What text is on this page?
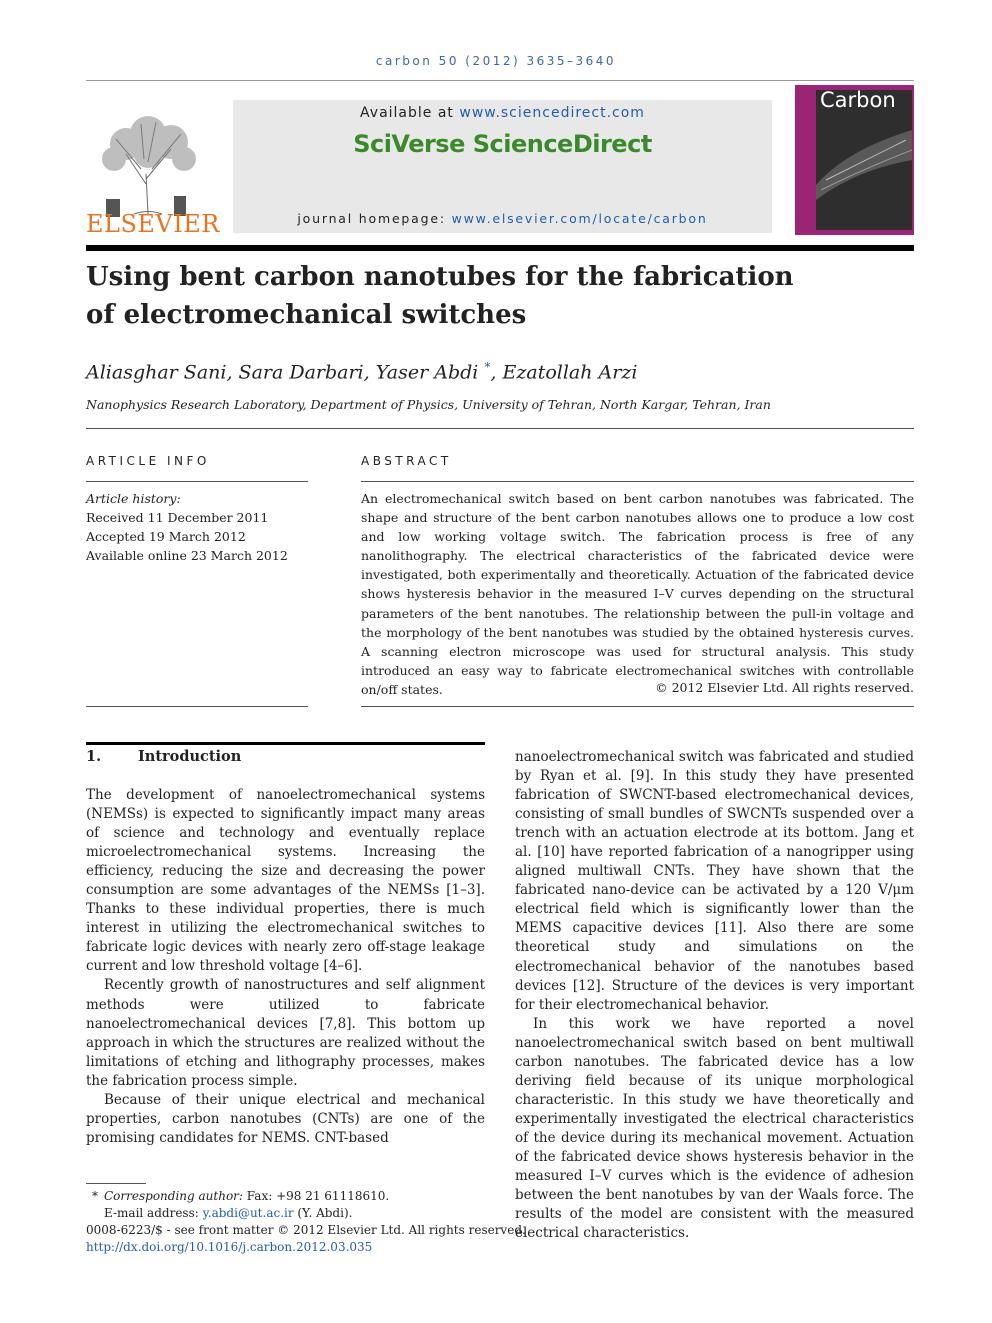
carbon 50 (2012) 3635–3640
ELSEVIER
Available at www.sciencedirect.com
SciVerse ScienceDirect
journal homepage: www.elsevier.com/locate/carbon
Carbon
Using bent carbon nanotubes for the fabrication
of electromechanical switches
Aliasghar Sani, Sara Darbari, Yaser Abdi *, Ezatollah Arzi
Nanophysics Research Laboratory, Department of Physics, University of Tehran, North Kargar, Tehran, Iran
ARTICLE INFO	ABSTRACT
Article history:
Received 11 December 2011
Accepted 19 March 2012
Available online 23 March 2012
An electromechanical switch based on bent carbon nanotubes was fabricated. The shape and structure of the bent carbon nanotubes allows one to produce a low cost and low working voltage switch. The fabrication process is free of any nanolithography. The electrical characteristics of the fabricated device were investigated, both experimentally and theoretically. Actuation of the fabricated device shows hysteresis behavior in the measured I–V curves depending on the structural parameters of the bent nanotubes. The relationship between the pull-in voltage and the morphology of the bent nanotubes was studied by the obtained hysteresis curves. A scanning electron microscope was used for structural analysis. This study introduced an easy way to fabricate electromechanical switches with controllable on/off states.	© 2012 Elsevier Ltd. All rights reserved.
1.	Introduction

The development of nanoelectromechanical systems (NEMSs) is expected to significantly impact many areas of science and technology and eventually replace microelectromechanical systems. Increasing the efficiency, reducing the size and decreasing the power consumption are some advantages of the NEMSs [1–3]. Thanks to these individual properties, there is much interest in utilizing the electromechanical switches to fabricate logic devices with nearly zero off-stage leakage current and low threshold voltage [4–6].

Recently growth of nanostructures and self alignment methods were utilized to fabricate nanoelectromechanical devices [7,8]. This bottom up approach in which the structures are realized without the limitations of etching and lithography processes, makes the fabrication process simple.

Because of their unique electrical and mechanical properties, carbon nanotubes (CNTs) are one of the promising candidates for NEMS. CNT-based

nanoelectromechanical switch was fabricated and studied by Ryan et al. [9]. In this study they have presented fabrication of SWCNT-based electromechanical devices, consisting of small bundles of SWCNTs suspended over a trench with an actuation electrode at its bottom. Jang et al. [10] have reported fabrication of a nanogripper using aligned multiwall CNTs. They have shown that the fabricated nano-device can be activated by a 120 V/μm electrical field which is significantly lower than the MEMS capacitive devices [11]. Also there are some theoretical study and simulations on the electromechanical behavior of the nanotubes based devices [12]. Structure of the devices is very important for their electromechanical behavior.

In this work we have reported a novel nanoelectromechanical switch based on bent multiwall carbon nanotubes. The fabricated device has a low deriving field because of its unique morphological characteristic. In this study we have theoretically and experimentally investigated the electrical characteristics of the device during its mechanical movement. Actuation of the fabricated device shows hysteresis behavior in the measured I–V curves which is the evidence of adhesion between the bent nanotubes by van der Waals force. The results of the model are consistent with the measured electrical characteristics.

* Corresponding author: Fax: +98 21 61118610.
E-mail address: y.abdi@ut.ac.ir (Y. Abdi).
0008-6223/$ - see front matter © 2012 Elsevier Ltd. All rights reserved.
http://dx.doi.org/10.1016/j.carbon.2012.03.035
